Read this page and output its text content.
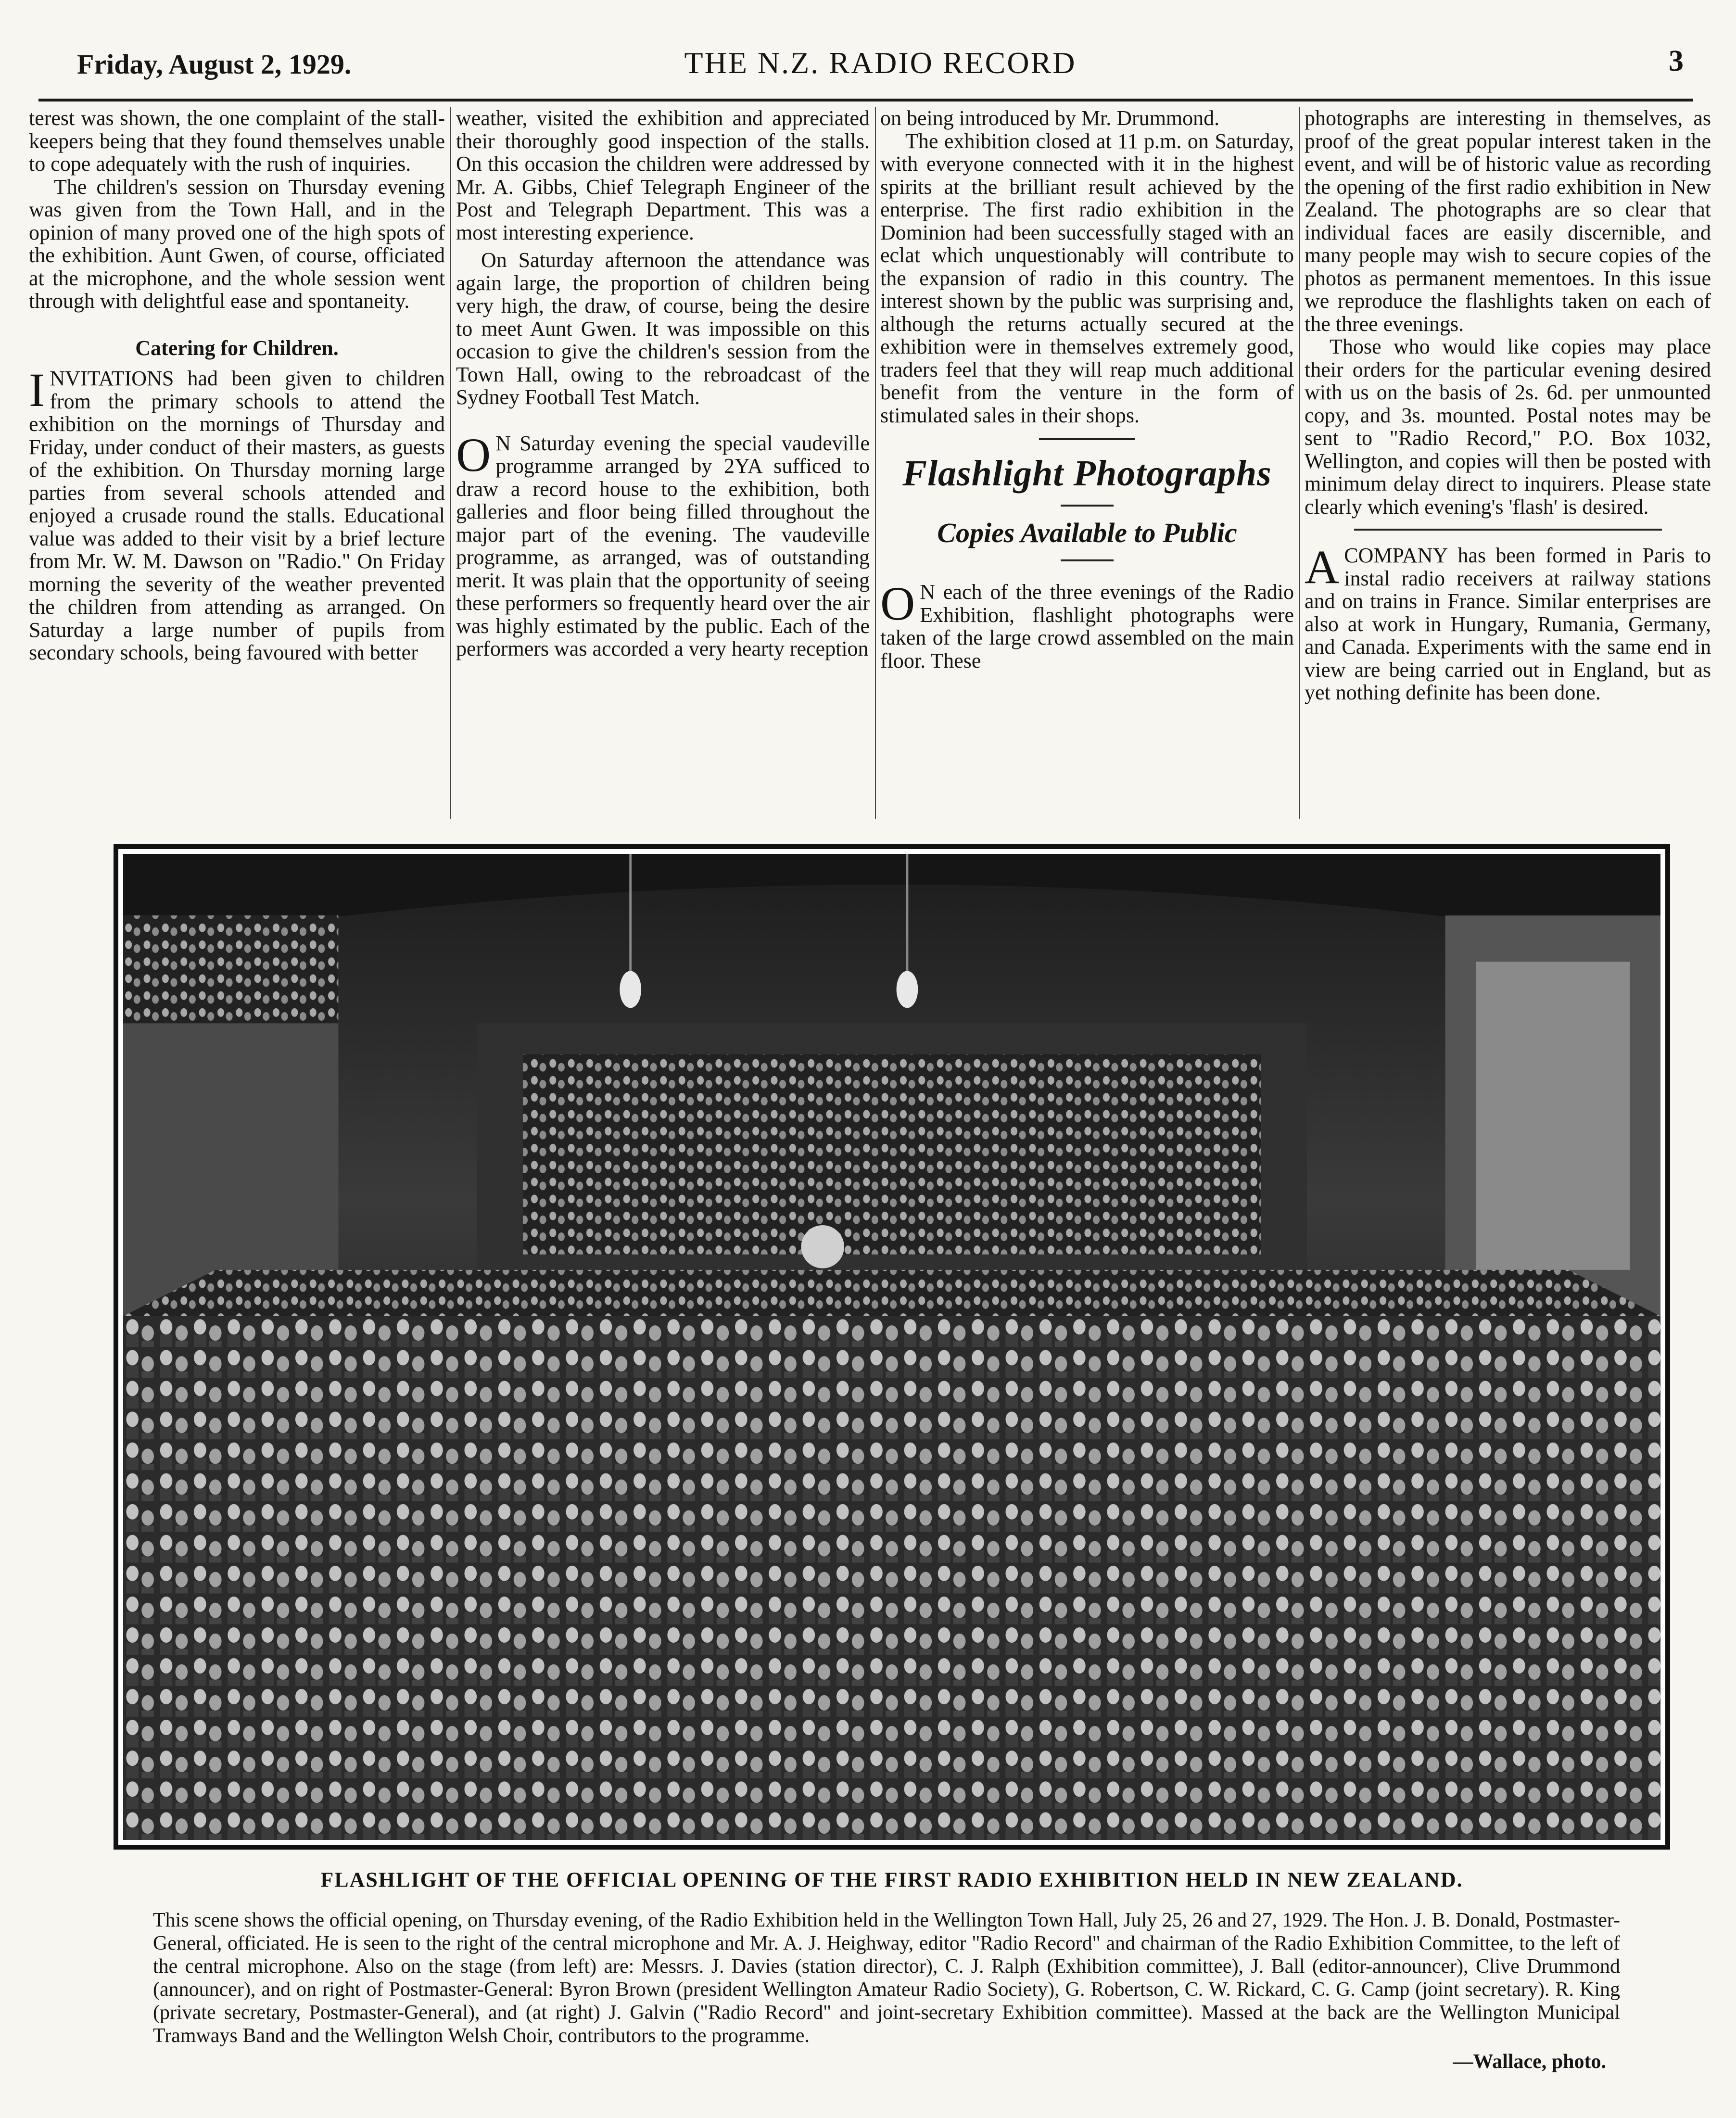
Friday, August 2, 1929.	THE N.Z. RADIO RECORD	3

terest was shown, the one complaint of the stall-keepers being that they found themselves unable to cope adequately with the rush of inquiries.

The children's session on Thursday evening was given from the Town Hall, and in the opinion of many proved one of the high spots of the exhibition. Aunt Gwen, of course, officiated at the microphone, and the whole session went through with delightful ease and spontaneity.

Catering for Children.

INVITATIONS had been given to children from the primary schools to attend the exhibition on the mornings of Thursday and Friday, under conduct of their masters, as guests of the exhibition. On Thursday morning large parties from several schools attended and enjoyed a crusade round the stalls. Educational value was added to their visit by a brief lecture from Mr. W. M. Dawson on "Radio." On Friday morning the severity of the weather prevented the children from attending as arranged. On Saturday a large number of pupils from secondary schools, being favoured with better

weather, visited the exhibition and appreciated their thoroughly good inspection of the stalls. On this occasion the children were addressed by Mr. A. Gibbs, Chief Telegraph Engineer of the Post and Telegraph Department. This was a most interesting experience.

On Saturday afternoon the attendance was again large, the proportion of children being very high, the draw, of course, being the desire to meet Aunt Gwen. It was impossible on this occasion to give the children's session from the Town Hall, owing to the rebroadcast of the Sydney Football Test Match.

O N Saturday evening the special vaudeville programme arranged by 2YA sufficed to draw a record house to the exhibition, both galleries and floor being filled throughout the major part of the evening. The vaudeville programme, as arranged, was of outstanding merit. It was plain that the opportunity of seeing these performers so frequently heard over the air was highly estimated by the public. Each of the performers was accorded a very hearty reception

on being introduced by Mr. Drummond.

The exhibition closed at 11 p.m. on Saturday, with everyone connected with it in the highest spirits at the brilliant result achieved by the enterprise. The first radio exhibition in the Dominion had been successfully staged with an eclat which unquestionably will contribute to the expansion of radio in this country. The interest shown by the public was surprising and, although the returns actually secured at the exhibition were in themselves extremely good, traders feel that they will reap much additional benefit from the venture in the form of stimulated sales in their shops.

Flashlight Photographs
Copies Available to Public

O N each of the three evenings of the Radio Exhibition, flashlight photographs were taken of the large crowd assembled on the main floor. These

photographs are interesting in themselves, as proof of the great popular interest taken in the event, and will be of historic value as recording the opening of the first radio exhibition in New Zealand. The photographs are so clear that individual faces are easily discernible, and many people may wish to secure copies of the photos as permanent mementoes. In this issue we reproduce the flashlights taken on each of the three evenings.

Those who would like copies may place their orders for the particular evening desired with us on the basis of 2s. 6d. per unmounted copy, and 3s. mounted. Postal notes may be sent to "Radio Record," P.O. Box 1032, Wellington, and copies will then be posted with minimum delay direct to inquirers. Please state clearly which evening's 'flash' is desired.

ACOMPANY has been formed in Paris to instal radio receivers at railway stations and on trains in France. Similar enterprises are also at work in Hungary, Rumania, Germany, and Canada. Experiments with the same end in view are being carried out in England, but as yet nothing definite has been done.

FLASHLIGHT OF THE OFFICIAL OPENING OF THE FIRST RADIO EXHIBITION HELD IN NEW ZEALAND.
This scene shows the official opening, on Thursday evening, of the Radio Exhibition held in the Wellington Town Hall, July 25, 26 and 27, 1929. The Hon. J. B. Donald, Postmaster-General, officiated. He is seen to the right of the central microphone and Mr. A. J. Heighway, editor "Radio Record" and chairman of the Radio Exhibition Committee, to the left of the central microphone. Also on the stage (from left) are: Messrs. J. Davies (station director), C. J. Ralph (Exhibition committee), J. Ball (editor-announcer), Clive Drummond (announcer), and on right of Postmaster-General: Byron Brown (president Wellington Amateur Radio Society), G. Robertson, C. W. Rickard, C. G. Camp (joint secretary). R. King (private secretary, Postmaster-General), and (at right) J. Galvin ("Radio Record" and joint-secretary Exhibition committee). Massed at the back are the Wellington Municipal Tramways Band and the Wellington Welsh Choir, contributors to the programme.
—Wallace, photo.
